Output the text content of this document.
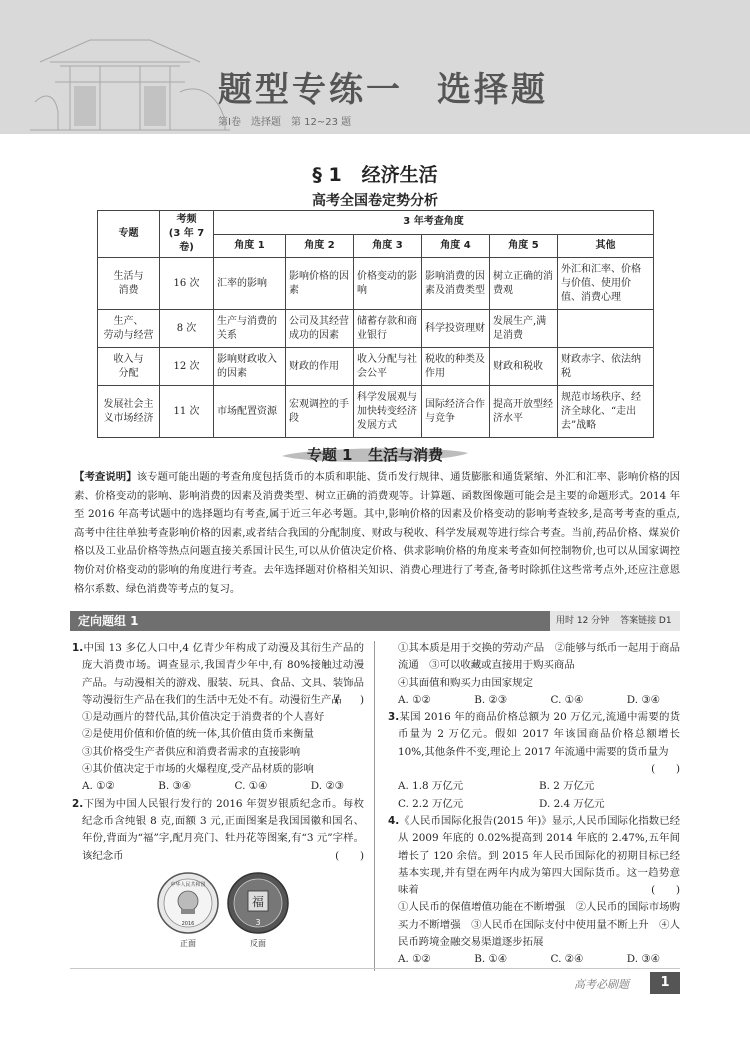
题型专练一 选择题
第Ⅰ卷 选择题 第 12~23 题
§ 1 经济生活
高考全国卷定势分析
专题	考频
(3 年 7 卷)	3 年考查角度					
		角度 1	角度 2	角度 3	角度 4	角度 5	其他
生活与
消费	16 次	汇率的影响	影响价格的因素	价格变动的影响	影响消费的因素及消费类型	树立正确的消费观	外汇和汇率、价格与价值、使用价值、消费心理
生产、
劳动与经营	8 次	生产与消费的关系	公司及其经营成功的因素	储蓄存款和商业银行	科学投资理财	发展生产,满足消费	
收入与
分配	12 次	影响财政收入的因素	财政的作用	收入分配与社会公平	税收的种类及作用	财政和税收	财政赤字、依法纳税
发展社会主
义市场经济	11 次	市场配置资源	宏观调控的手段	科学发展观与加快转变经济发展方式	国际经济合作与竞争	提高开放型经济水平	规范市场秩序、经济全球化、“走出去”战略
专题 1 生活与消费

【考查说明】该专题可能出题的考查角度包括货币的本质和职能、货币发行规律、通货膨胀和通货紧缩、外汇和汇率、影响价格的因素、价格变动的影响、影响消费的因素及消费类型、树立正确的消费观等。计算题、函数图像题可能会是主要的命题形式。2014 年至 2016 年高考试题中的选择题均有考查,属于近三年必考题。其中,影响价格的因素及价格变动的影响考查较多,是高考考查的重点,高考中往往单独考查影响价格的因素,或者结合我国的分配制度、财政与税收、科学发展观等进行综合考查。当前,药品价格、煤炭价格以及工业品价格等热点问题直接关系国计民生,可以从价值决定价格、供求影响价格的角度来考查如何控制物价,也可以从国家调控物价对价格变动的影响的角度进行考查。去年选择题对价格相关知识、消费心理进行了考查,备考时除抓住这些常考点外,还应注意恩格尔系数、绿色消费等考点的复习。

定向题组 1	用时 12 分钟 答案链接 D1

1.中国 13 多亿人口中,4 亿青少年构成了动漫及其衍生产品的庞大消费市场。调查显示,我国青少年中,有 80%接触过动漫产品。与动漫相关的游戏、服装、玩具、食品、文具、装饰品等动漫衍生产品在我们的生活中无处不有。动漫衍生产品
(　　)

①是动画片的替代品,其价值决定于消费者的个人喜好

②是使用价值和价值的统一体,其价值由货币来衡量

③其价格受生产者供应和消费者需求的直接影响

④其价值决定于市场的火爆程度,受产品材质的影响

A. ①②	B. ③④	C. ①④	D. ②③

2.下图为中国人民银行发行的 2016 年贺岁银质纪念币。每枚纪念币含纯银 8 克,面额 3 元,正面图案是我国国徽和国名、年份,背面为“福”字,配月亮门、牡丹花等图案,有“3 元”字样。该纪念币	(　　)

中华人民共和国
2016
福
3
正面	反面

①其本质是用于交换的劳动产品　②能够与纸币一起用于商品流通　③可以收藏或直接用于购买商品

④其面值和购买力由国家规定

A. ①②	B. ②③	C. ①④	D. ③④

3.某国 2016 年的商品价格总额为 20 万亿元,流通中需要的货币量为 2 万亿元。假如 2017 年该国商品价格总额增长 10%,其他条件不变,理论上 2017 年流通中需要的货币量为
(　　)

A. 1.8 万亿元	B. 2 万亿元
C. 2.2 万亿元	D. 2.4 万亿元

4.《人民币国际化报告(2015 年)》显示,人民币国际化指数已经从 2009 年底的 0.02%提高到 2014 年底的 2.47%,五年间增长了 120 余倍。到 2015 年人民币国际化的初期目标已经基本实现,并有望在两年内成为第四大国际货币。这一趋势意味着	(　　)

①人民币的保值增值功能在不断增强　②人民币的国际市场购买力不断增强　③人民币在国际支付中使用量不断上升　④人民币跨境金融交易渠道逐步拓展

A. ①②	B. ①④	C. ②④	D. ③④
高考必刷题	1
